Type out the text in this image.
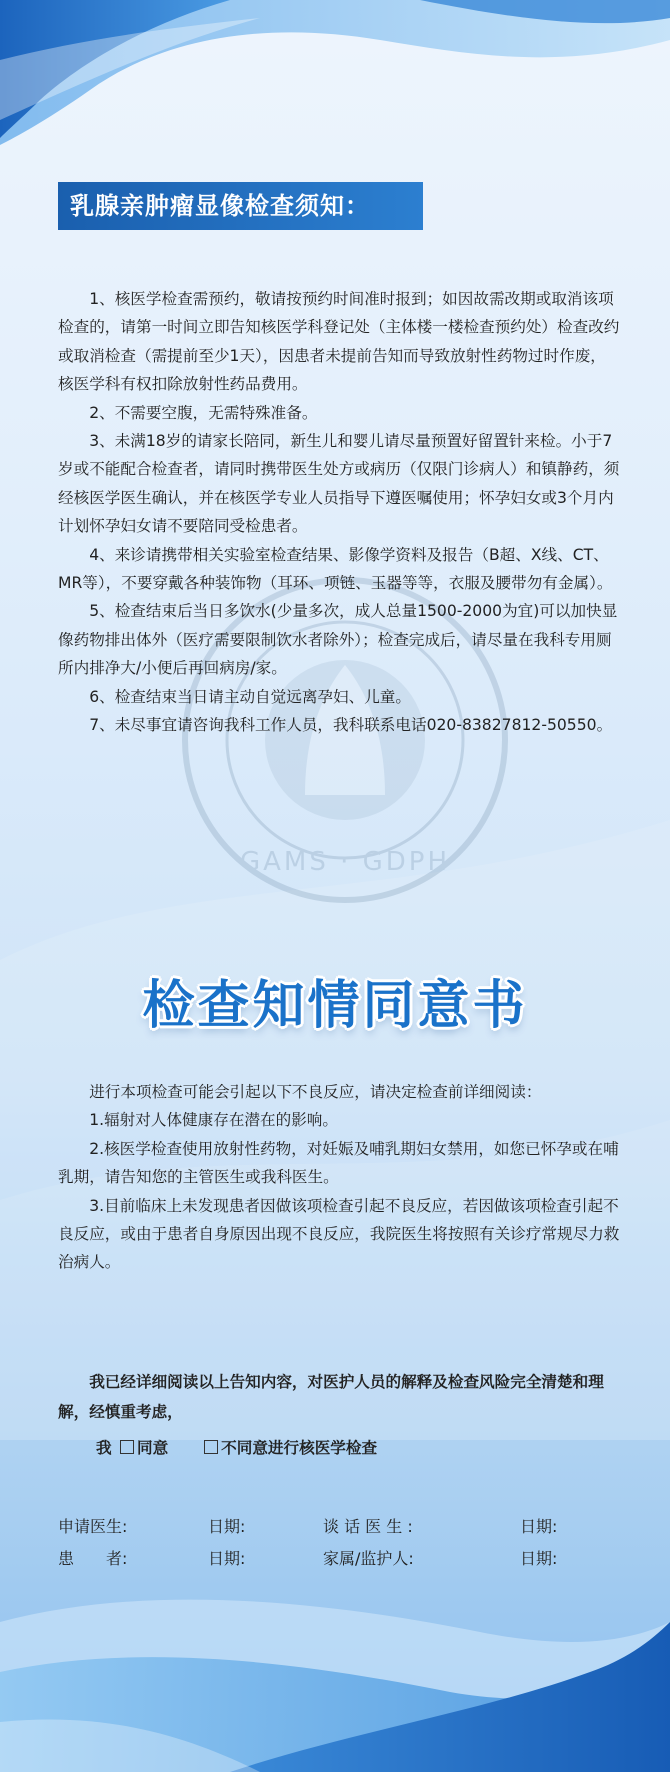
GAMS · GDPH
乳腺亲肿瘤显像检查须知：

1、核医学检查需预约，敬请按预约时间准时报到；如因故需改期或取消该项检查的，请第一时间立即告知核医学科登记处（主体楼一楼检查预约处）检查改约或取消检查（需提前至少1天），因患者未提前告知而导致放射性药物过时作废，核医学科有权扣除放射性药品费用。

2、不需要空腹，无需特殊准备。

3、未满18岁的请家长陪同，新生儿和婴儿请尽量预置好留置针来检。小于7岁或不能配合检查者，请同时携带医生处方或病历（仅限门诊病人）和镇静药，须经核医学医生确认，并在核医学专业人员指导下遵医嘱使用；怀孕妇女或3个月内计划怀孕妇女请不要陪同受检患者。

4、来诊请携带相关实验室检查结果、影像学资料及报告（B超、X线、CT、MR等），不要穿戴各种装饰物（耳环、项链、玉器等等，衣服及腰带勿有金属）。

5、检查结束后当日多饮水(少量多次，成人总量1500-2000为宜)可以加快显像药物排出体外（医疗需要限制饮水者除外）；检查完成后，请尽量在我科专用厕所内排净大/小便后再回病房/家。

6、检查结束当日请主动自觉远离孕妇、儿童。

7、未尽事宜请咨询我科工作人员，我科联系电话020-83827812-50550。

检查知情同意书

进行本项检查可能会引起以下不良反应，请决定检查前详细阅读：

1.辐射对人体健康存在潜在的影响。

2.核医学检查使用放射性药物，对妊娠及哺乳期妇女禁用，如您已怀孕或在哺乳期，请告知您的主管医生或我科医生。

3.目前临床上未发现患者因做该项检查引起不良反应，若因做该项检查引起不良反应，或由于患者自身原因出现不良反应，我院医生将按照有关诊疗常规尽力救治病人。

我已经详细阅读以上告知内容，对医护人员的解释及检查风险完全清楚和理解，经慎重考虑，

我 同意	不同意进行核医学检查

申请医生:	日期:	谈 话 医 生 :	日期:
患　　者:	日期:	家属/监护人:	日期:
